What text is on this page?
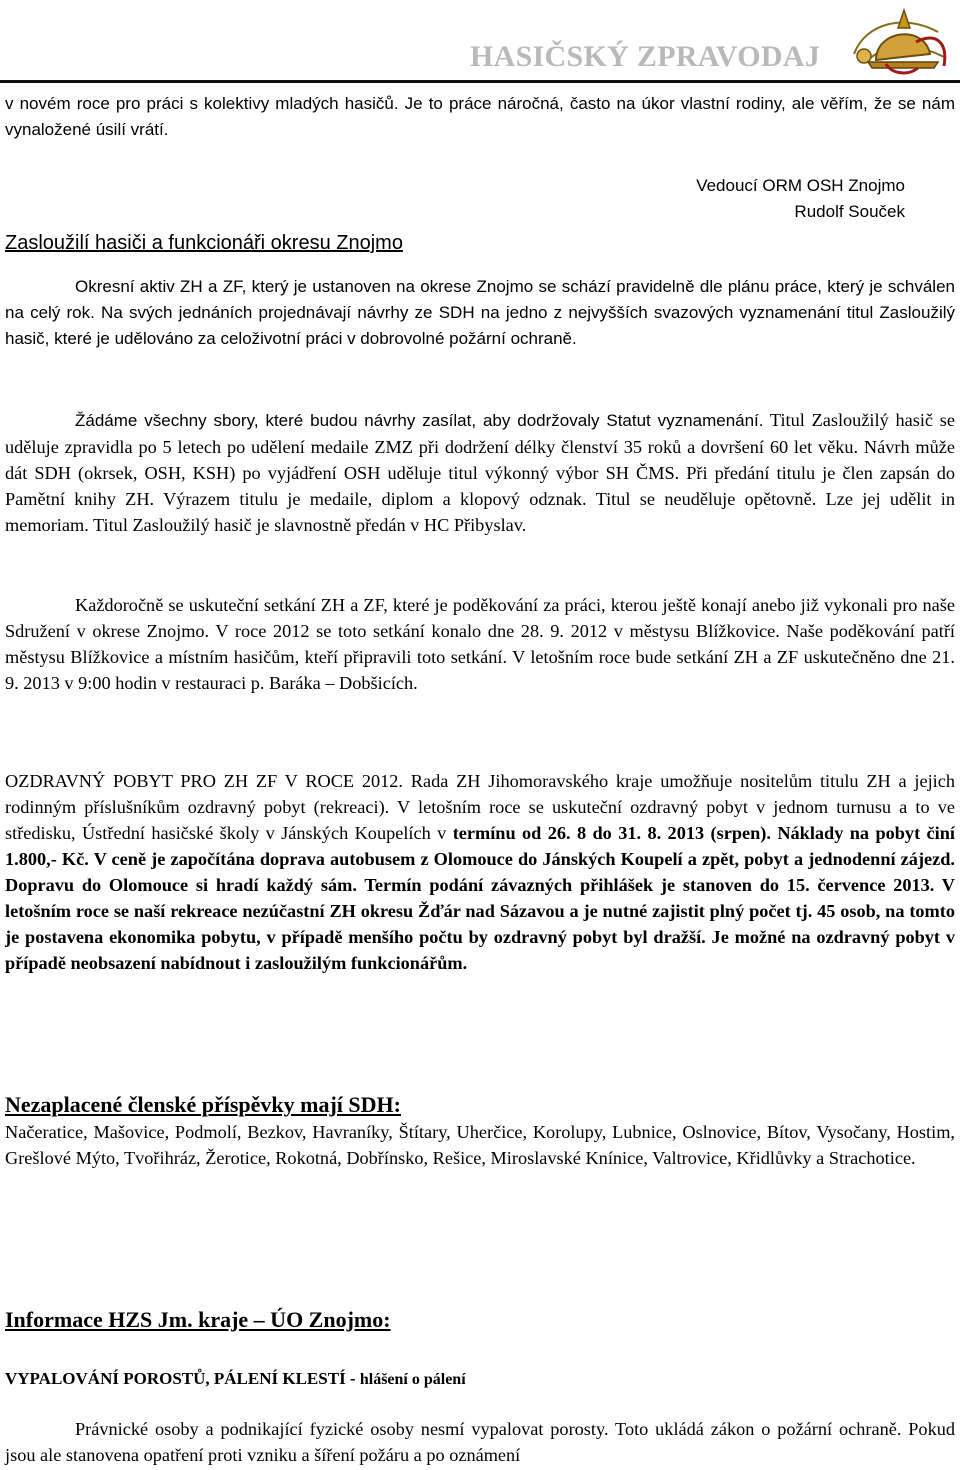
HASIČSKÝ ZPRAVODAJ

v novém roce pro práci s kolektivy mladých hasičů. Je to práce náročná, často na úkor vlastní rodiny, ale věřím, že se nám vynaložené úsilí vrátí.

Vedoucí ORM OSH Znojmo
Rudolf Souček
Zasloužilí hasiči a funkcionáři okresu Znojmo

Okresní aktiv ZH a ZF, který je ustanoven na okrese Znojmo se schází pravidelně dle plánu práce, který je schválen na celý rok. Na svých jednáních projednávají návrhy ze SDH na jedno z nejvyšších svazových vyznamenání titul Zasloužilý hasič, které je udělováno za celoživotní práci v dobrovolné požární ochraně.

Žádáme všechny sbory, které budou návrhy zasílat, aby dodržovaly Statut vyznamenání. Titul Zasloužilý hasič se uděluje zpravidla po 5 letech po udělení medaile ZMZ při dodržení délky členství 35 roků a dovršení 60 let věku. Návrh může dát SDH (okrsek, OSH, KSH) po vyjádření OSH uděluje titul výkonný výbor SH ČMS. Při předání titulu je člen zapsán do Pamětní knihy ZH. Výrazem titulu je medaile, diplom a klopový odznak. Titul se neuděluje opětovně. Lze jej udělit in memoriam. Titul Zasloužilý hasič je slavnostně předán v HC Přibyslav.

Každoročně se uskuteční setkání ZH a ZF, které je poděkování za práci, kterou ještě konají anebo již vykonali pro naše Sdružení v okrese Znojmo. V roce 2012 se toto setkání konalo dne 28. 9. 2012 v městysu Blížkovice. Naše poděkování patří městysu Blížkovice a místním hasičům, kteří připravili toto setkání. V letošním roce bude setkání ZH a ZF uskutečněno dne 21. 9. 2013 v 9:00 hodin v restauraci p. Baráka – Dobšicích.

OZDRAVNÝ POBYT PRO ZH ZF V ROCE 2012. Rada ZH Jihomoravského kraje umožňuje nositelům titulu ZH a jejich rodinným příslušníkům ozdravný pobyt (rekreaci). V letošním roce se uskuteční ozdravný pobyt v jednom turnusu a to ve středisku, Ústřední hasičské školy v Jánských Koupelích v termínu od 26. 8 do 31. 8. 2013 (srpen). Náklady na pobyt činí 1.800,- Kč. V ceně je započítána doprava autobusem z Olomouce do Jánských Koupelí a zpět, pobyt a jednodenní zájezd. Dopravu do Olomouce si hradí každý sám. Termín podání závazných přihlášek je stanoven do 15. července 2013. V letošním roce se naší rekreace nezúčastní ZH okresu Žďár nad Sázavou a je nutné zajistit plný počet tj. 45 osob, na tomto je postavena ekonomika pobytu, v případě menšího počtu by ozdravný pobyt byl dražší. Je možné na ozdravný pobyt v případě neobsazení nabídnout i zasloužilým funkcionářům.

Nezaplacené členské příspěvky mají SDH:

Načeratice, Mašovice, Podmolí, Bezkov, Havraníky, Štítary, Uherčice, Korolupy, Lubnice, Oslnovice, Bítov, Vysočany, Hostim, Grešlové Mýto, Tvořihráz, Žerotice, Rokotná, Dobřínsko, Rešice, Miroslavské Knínice, Valtrovice, Křidlůvky a Strachotice.

Informace HZS Jm. kraje – ÚO Znojmo:
VYPALOVÁNÍ POROSTŮ, PÁLENÍ KLESTÍ - hlášení o pálení

Právnické osoby a podnikající fyzické osoby nesmí vypalovat porosty. Toto ukládá zákon o požární ochraně. Pokud jsou ale stanovena opatření proti vzniku a šíření požáru a po oznámení
